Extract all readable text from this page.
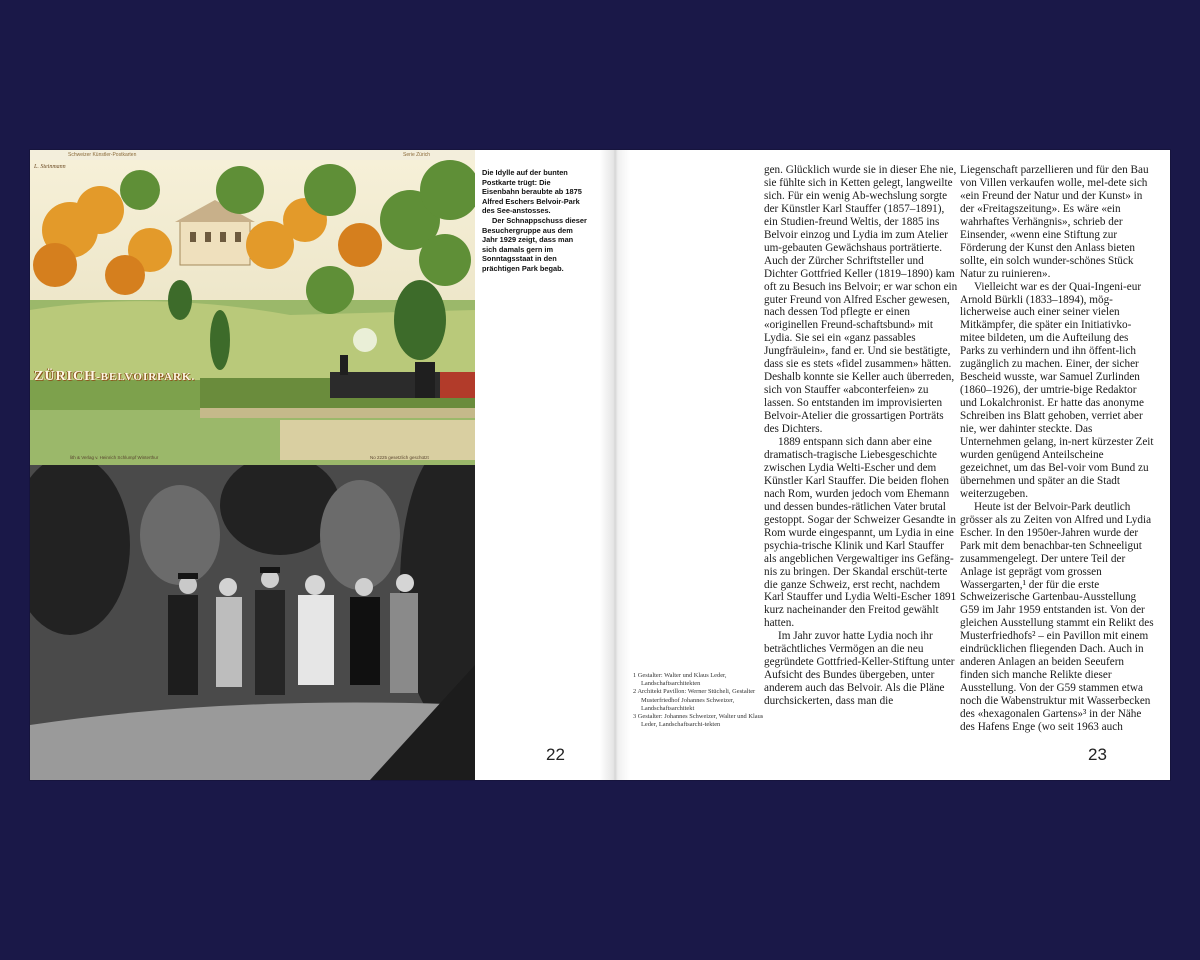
Schweizer Künstler-Postkarten	Serie Zürich
L. Steinmann
ZÜRICH-BELVOIRPARK.
lith & Verlag v. Heinrich Schlumpf Winterthur	No 2225 gesetzlich geschützt

Die Idylle auf der bunten Postkarte trügt: Die Eisenbahn beraubte ab 1875 Alfred Eschers Belvoir-Park des See-anstosses.

Der Schnappschuss dieser Besuchergruppe aus dem Jahr 1929 zeigt, dass man sich damals gern im Sonntagsstaat in den prächtigen Park begab.

22
1 Gestalter: Walter und Klaus Leder, Landschaftsarchitekten
2 Architekt Pavillon: Werner Stücheli, Gestalter Musterfriedhof Johannes Schweizer, Landschaftsarchitekt
3 Gestalter: Johannes Schweizer, Walter und Klaus Leder, Landschaftsarchi-tekten

gen. Glücklich wurde sie in dieser Ehe nie, sie fühlte sich in Ketten gelegt, langweilte sich. Für ein wenig Ab-wechslung sorgte der Künstler Karl Stauffer (1857–1891), ein Studien-freund Weltis, der 1885 ins Belvoir einzog und Lydia im zum Atelier um-gebauten Gewächshaus porträtierte. Auch der Zürcher Schriftsteller und Dichter Gottfried Keller (1819–1890) kam oft zu Besuch ins Belvoir; er war schon ein guter Freund von Alfred Escher gewesen, nach dessen Tod pflegte er einen «originellen Freund-schaftsbund» mit Lydia. Sie sei ein «ganz passables Jungfräulein», fand er. Und sie bestätigte, dass sie es stets «fidel zusammen» hätten. Deshalb konnte sie Keller auch überreden, sich von Stauffer «abconterfeien» zu lassen. So entstanden im improvisierten Belvoir-Atelier die grossartigen Porträts des Dichters.

1889 entspann sich dann aber eine dramatisch-tragische Liebesgeschichte zwischen Lydia Welti-Escher und dem Künstler Karl Stauffer. Die beiden flohen nach Rom, wurden jedoch vom Ehemann und dessen bundes-rätlichen Vater brutal gestoppt. Sogar der Schweizer Gesandte in Rom wurde eingespannt, um Lydia in eine psychia-trische Klinik und Karl Stauffer als angeblichen Vergewaltiger ins Gefäng-nis zu bringen. Der Skandal erschüt-terte die ganze Schweiz, erst recht, nachdem Karl Stauffer und Lydia Welti-Escher 1891 kurz nacheinander den Freitod gewählt hatten.

Im Jahr zuvor hatte Lydia noch ihr beträchtliches Vermögen an die neu gegründete Gottfried-Keller-Stiftung unter Aufsicht des Bundes übergeben, unter anderem auch das Belvoir. Als die Pläne durchsickerten, dass man die

Liegenschaft parzellieren und für den Bau von Villen verkaufen wolle, mel-dete sich «ein Freund der Natur und der Kunst» in der «Freitagszeitung». Es wäre «ein wahrhaftes Verhängnis», schrieb der Einsender, «wenn eine Stiftung zur Förderung der Kunst den Anlass bieten sollte, ein solch wunder-schönes Stück Natur zu ruinieren».

Vielleicht war es der Quai-Ingeni-eur Arnold Bürkli (1833–1894), mög-licherweise auch einer seiner vielen Mitkämpfer, die später ein Initiativko-mitee bildeten, um die Aufteilung des Parks zu verhindern und ihn öffent-lich zugänglich zu machen. Einer, der sicher Bescheid wusste, war Samuel Zurlinden (1860–1926), der umtrie-bige Redaktor und Lokalchronist. Er hatte das anonyme Schreiben ins Blatt gehoben, verriet aber nie, wer dahinter steckte. Das Unternehmen gelang, in-nert kürzester Zeit wurden genügend Anteilscheine gezeichnet, um das Bel-voir vom Bund zu übernehmen und später an die Stadt weiterzugeben.

Heute ist der Belvoir-Park deutlich grösser als zu Zeiten von Alfred und Lydia Escher. In den 1950er-Jahren wurde der Park mit dem benachbar-ten Schneeligut zusammengelegt. Der untere Teil der Anlage ist geprägt vom grossen Wassergarten,¹ der für die erste Schweizerische Gartenbau-Ausstellung G59 im Jahr 1959 entstanden ist. Von der gleichen Ausstellung stammt ein Relikt des Musterfriedhofs² – ein Pavillon mit einem eindrücklichen fliegenden Dach. Auch in anderen Anlagen an beiden Seeufern finden sich manche Relikte dieser Ausstellung. Von der G59 stammen etwa noch die Wabenstruktur mit Wasserbecken des «hexagonalen Gartens»³ in der Nähe des Hafens Enge (wo seit 1963 auch

23
